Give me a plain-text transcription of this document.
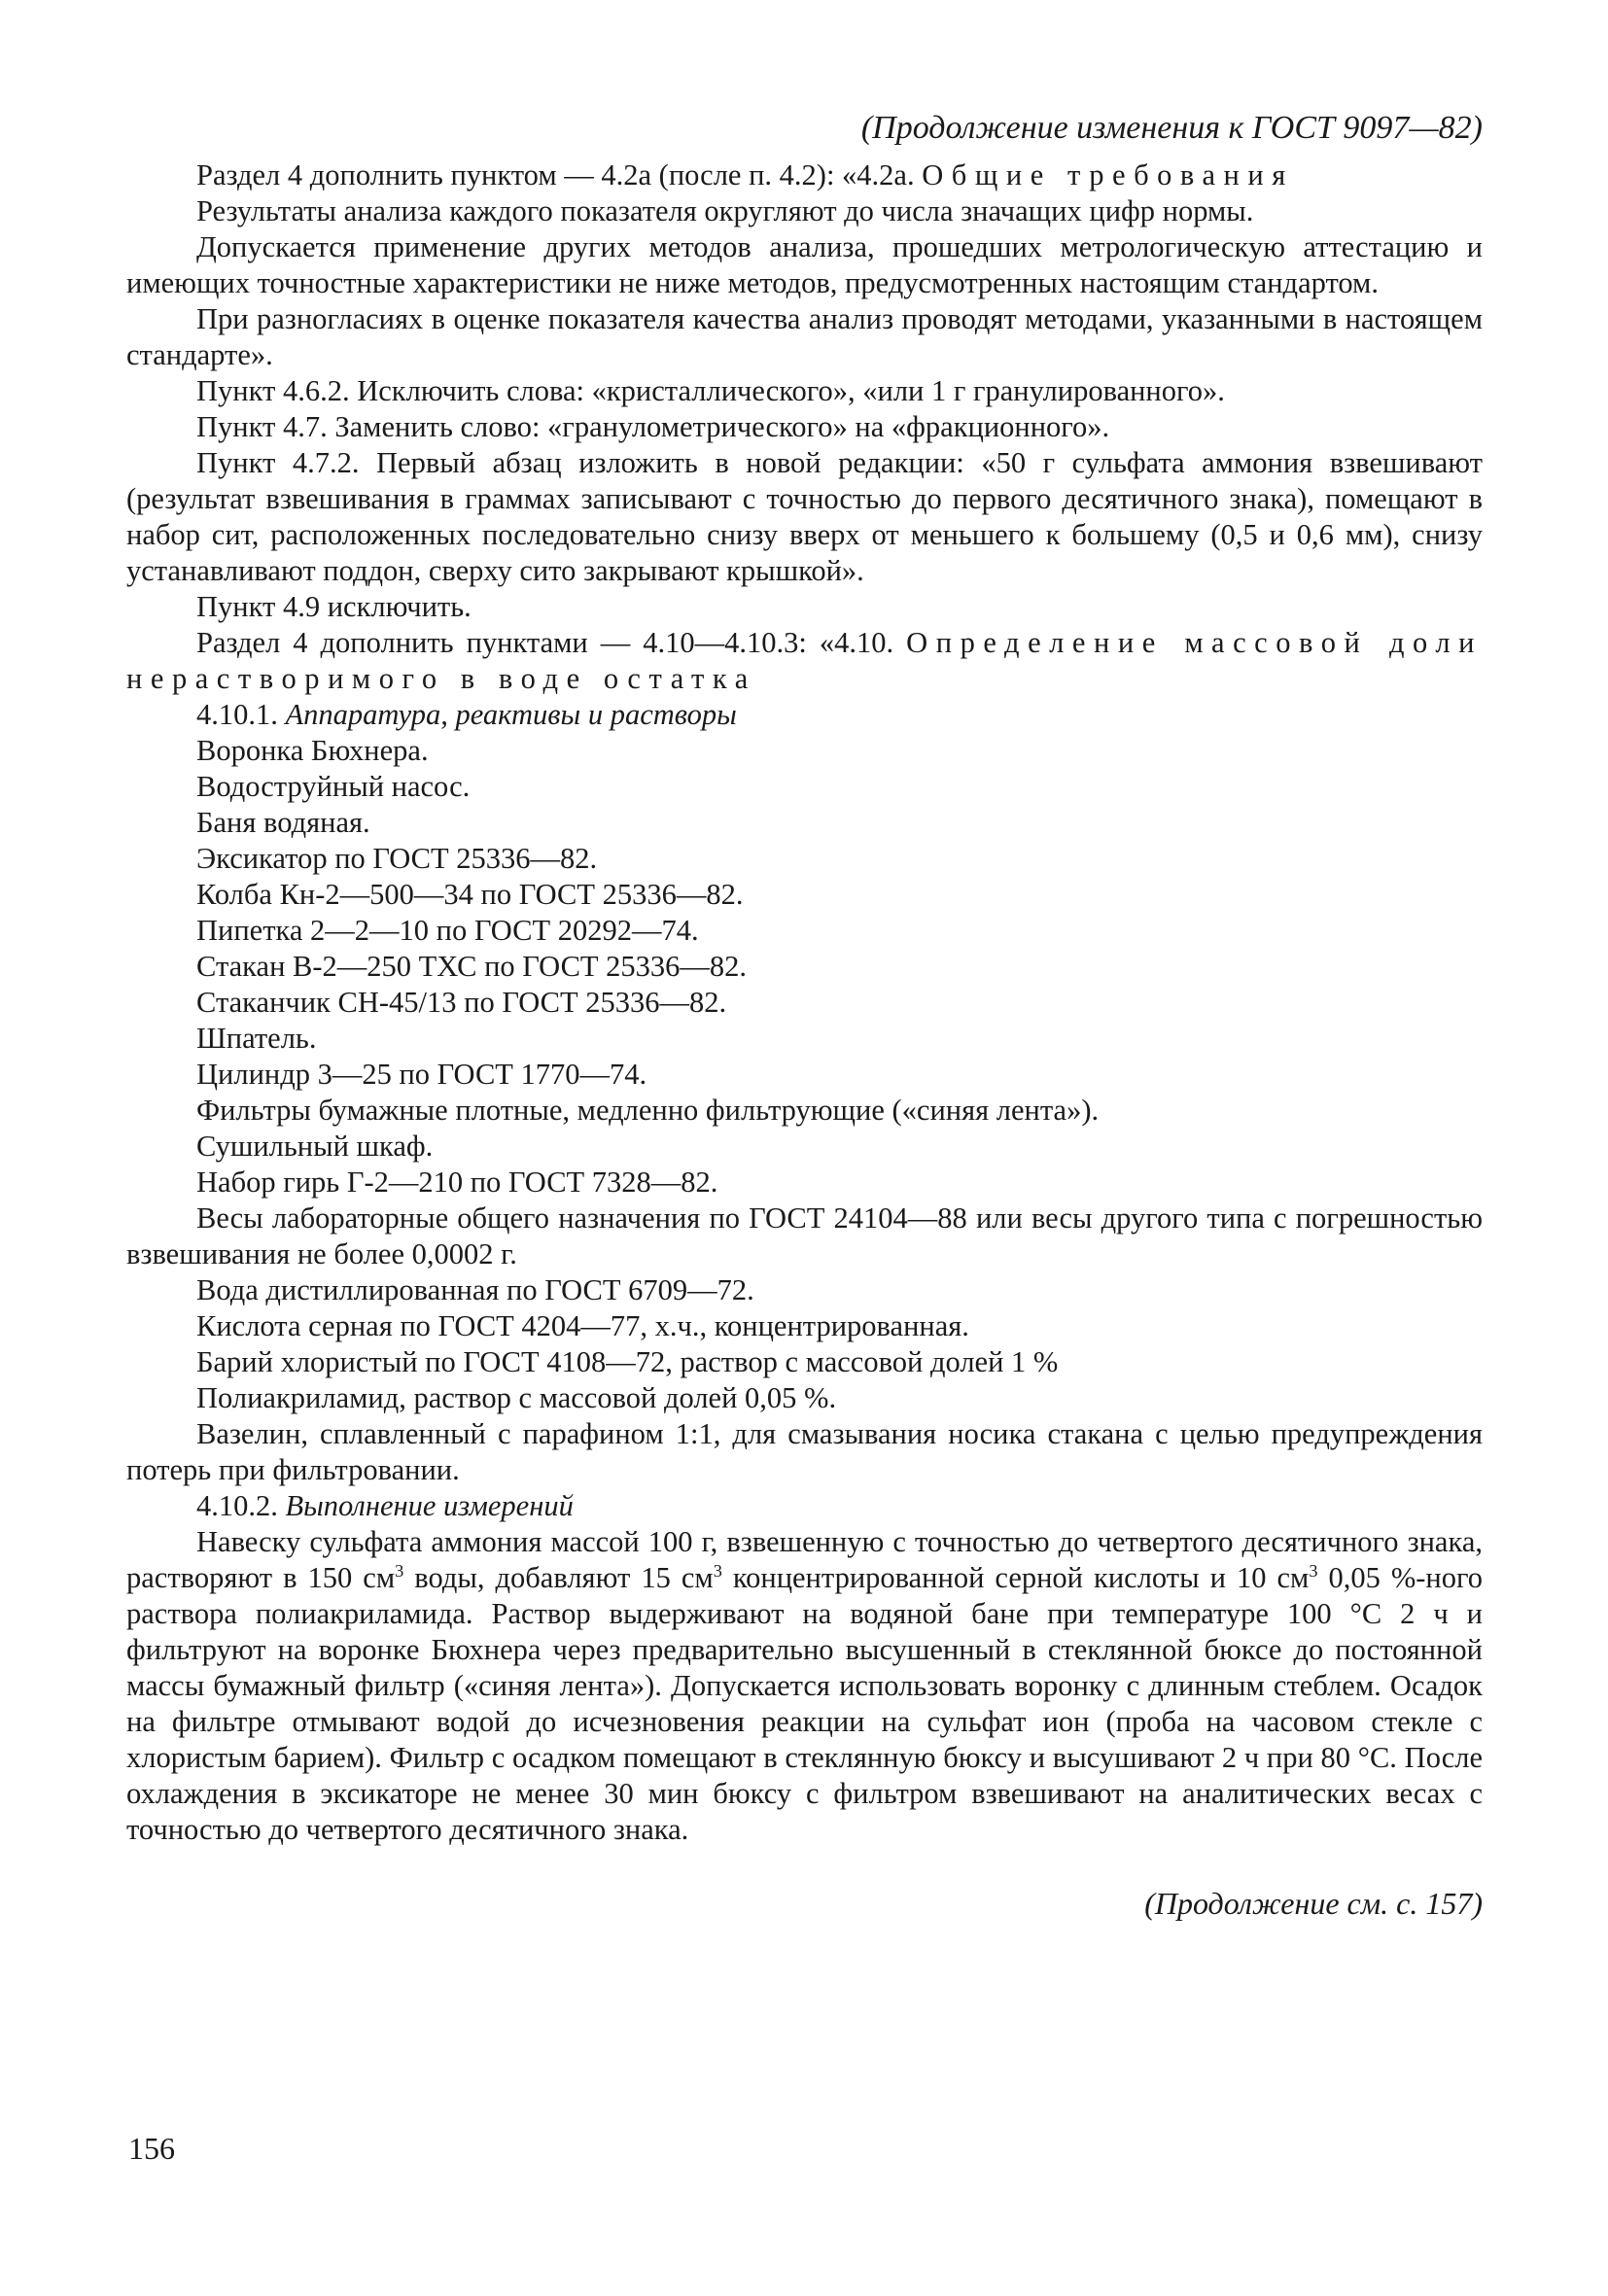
(Продолжение изменения к ГОСТ 9097—82)

Раздел 4 дополнить пунктом — 4.2а (после п. 4.2): «4.2а. Общие требования

Результаты анализа каждого показателя округляют до числа значащих цифр нормы.

Допускается применение других методов анализа, прошедших метрологическую аттестацию и имеющих точностные характеристики не ниже методов, предусмотренных настоящим стандартом.

При разногласиях в оценке показателя качества анализ проводят методами, указанными в настоящем стандарте».

Пункт 4.6.2. Исключить слова: «кристаллического», «или 1 г гранулированного».

Пункт 4.7. Заменить слово: «гранулометрического» на «фракционного».

Пункт 4.7.2. Первый абзац изложить в новой редакции: «50 г сульфата аммония взвешивают (результат взвешивания в граммах записывают с точностью до первого десятичного знака), помещают в набор сит, расположенных последовательно снизу вверх от меньшего к большему (0,5 и 0,6 мм), снизу устанавливают поддон, сверху сито закрывают крышкой».

Пункт 4.9 исключить.

Раздел 4 дополнить пунктами — 4.10—4.10.3: «4.10. Определение массовой доли нерастворимого в воде остатка

4.10.1. Аппаратура, реактивы и растворы

Воронка Бюхнера.

Водоструйный насос.

Баня водяная.

Эксикатор по ГОСТ 25336—82.

Колба Кн-2—500—34 по ГОСТ 25336—82.

Пипетка 2—2—10 по ГОСТ 20292—74.

Стакан В-2—250 ТХС по ГОСТ 25336—82.

Стаканчик СН-45/13 по ГОСТ 25336—82.

Шпатель.

Цилиндр 3—25 по ГОСТ 1770—74.

Фильтры бумажные плотные, медленно фильтрующие («синяя лента»).

Сушильный шкаф.

Набор гирь Г-2—210 по ГОСТ 7328—82.

Весы лабораторные общего назначения по ГОСТ 24104—88 или весы другого типа с погрешностью взвешивания не более 0,0002 г.

Вода дистиллированная по ГОСТ 6709—72.

Кислота серная по ГОСТ 4204—77, х.ч., концентрированная.

Барий хлористый по ГОСТ 4108—72, раствор с массовой долей 1 %

Полиакриламид, раствор с массовой долей 0,05 %.

Вазелин, сплавленный с парафином 1:1, для смазывания носика стакана с целью предупреждения потерь при фильтровании.

4.10.2. Выполнение измерений

Навеску сульфата аммония массой 100 г, взвешенную с точностью до четвертого десятичного знака, растворяют в 150 $см^3$ воды, добавляют 15 $см^3$ концентрированной серной кислоты и 10 $см^3$ 0,05 %-ного раствора полиакриламида. Раствор выдерживают на водяной бане при температуре 100 °С 2 ч и фильтруют на воронке Бюхнера через предварительно высушенный в стеклянной бюксе до постоянной массы бумажный фильтр («синяя лента»). Допускается использовать воронку с длинным стеблем. Осадок на фильтре отмывают водой до исчезновения реакции на сульфат ион (проба на часовом стекле с хлористым барием). Фильтр с осадком помещают в стеклянную бюксу и высушивают 2 ч при 80 °С. После охлаждения в эксикаторе не менее 30 мин бюксу с фильтром взвешивают на аналитических весах с точностью до четвертого десятичного знака.

(Продолжение см. с. 157)
156
